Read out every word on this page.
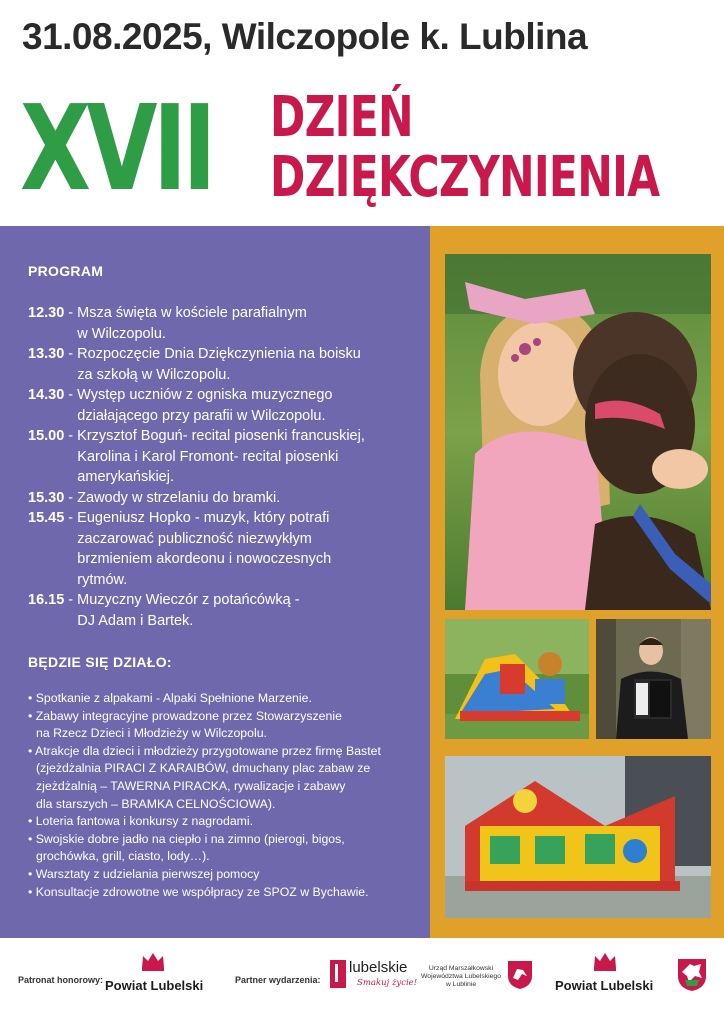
31.08.2025, Wilczopole k. Lublina
XVII DZIEŃ
DZIĘKCZYNIENIA
PROGRAM
12.30 - Msza święta w kościele parafialnym
w Wilczopolu.
13.30 - Rozpoczęcie Dnia Dziękczynienia na boisku
za szkołą w Wilczopolu.
14.30 - Występ uczniów z ogniska muzycznego
działającego przy parafii w Wilczopolu.
15.00 - Krzysztof Boguń- recital piosenki francuskiej,
Karolina i Karol Fromont- recital piosenki
amerykańskiej.
15.30 - Zawody w strzelaniu do bramki.
15.45 - Eugeniusz Hopko - muzyk, który potrafi
zaczarować publiczność niezwykłym
brzmieniem akordeonu i nowoczesnych
rytmów.
16.15 - Muzyczny Wieczór z potańcówką -
DJ Adam i Bartek.
BĘDZIE SIĘ DZIAŁO:
• Spotkanie z alpakami - Alpaki Spełnione Marzenie.
• Zabawy integracyjne prowadzone przez Stowarzyszenie
na Rzecz Dzieci i Młodzieży w Wilczopolu.
• Atrakcje dla dzieci i młodzieży przygotowane przez firmę Bastet
(zjeżdżalnia PIRACI Z KARAIBÓW, dmuchany plac zabaw ze
zjeżdżalnią – TAWERNA PIRACKA, rywalizacje i zabawy
dla starszych – BRAMKA CELNOŚCIOWA).
• Loteria fantowa i konkursy z nagrodami.
• Swojskie dobre jadło na ciepło i na zimno (pierogi, bigos,
grochówka, grill, ciasto, lody…).
• Warsztaty z udzielania pierwszej pomocy
• Konsultacje zdrowotne we współpracy ze SPOZ w Bychawie.
Patronat honorowy: Powiat Lubelski	Partner wydarzenia:
lubelskie
Smakuj życie!
Urząd Marszałkowski
Województwa Lubelskiego
w Lublinie	Powiat Lubelski
